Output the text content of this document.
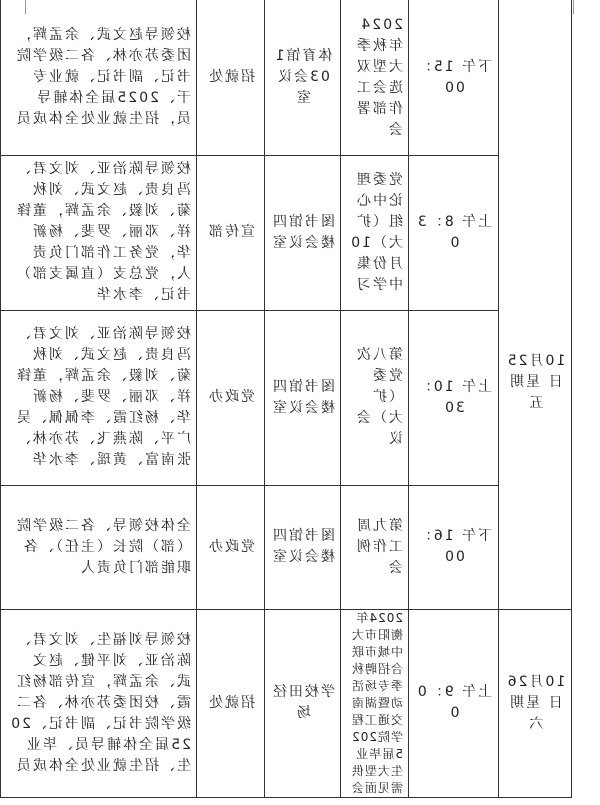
10月25日 星期五
10月26日 星期六
下午 15：00
2024年秋季大型双选会工作部署会
体育馆103会议室
招就处
校领导赵文武、余孟辉，团委苏亦林、各二级学院书记、副书记、就业专干、2025届全体辅导员，招生就业处全体成员
上午 8：30
党委理论中心组（扩大）10月份集中学习
图书馆四楼会议室
宣传部
校领导陈治亚、刘文君、冯良贵、赵文武、刘秋菊、刘毅、余孟辉，董锋祥、邓丽、罗斐、杨新华，党务工作部门负责人，党总支（直属支部）书记、李水华
上午 10：30
第八次党委（扩大）会议
图书馆四楼会议室
党政办
校领导陈治亚、刘文君、冯良贵、赵文武、刘秋菊、刘毅、余孟辉，董锋祥、邓丽、罗斐、杨新华、杨红霞、李佩佩、吴广平、陈燕飞、苏亦林、张南富、黄瑶、李水华
下午 16：00
第九周工作例会
图书馆四楼会议室
党政办
全体校领导、各二级学院（部）院长（主任）、各职能部门负责人
上午 9：00
2024年衡阳市大中城市联合招聘秋季专场活动暨湖南交通工程学院2025届毕业生大型供需见面会
学校田径场
招就处
校领导刘福生、刘文君、陈治亚、刘平健、赵文武、余孟辉，宣传部杨红霞、校团委苏亦林、各二级学院书记、副书记、2025届全体辅导员、毕业生、招生就业处全体成员
